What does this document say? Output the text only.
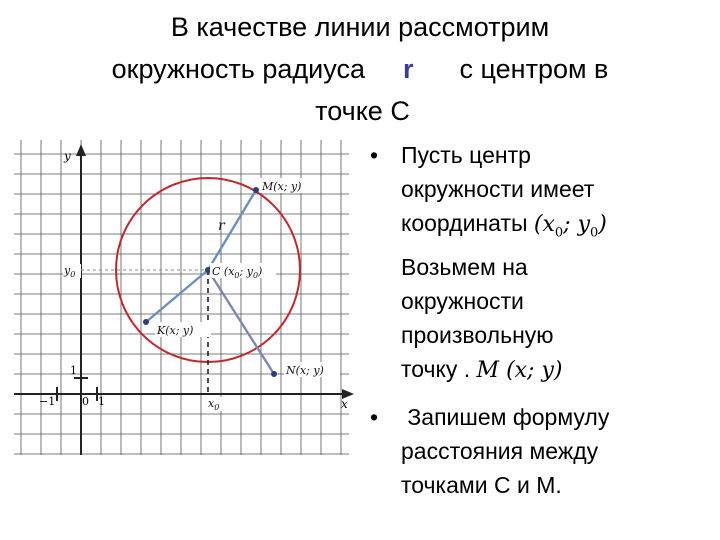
В качестве линии рассмотрим
окружность радиуса r с центром в
точке C
x
y
−1 0 1
1
M(x; y)
C ($x_0$; $y_0$)
K(x; y)
N(x; y)
r
$x_0$
$y_0$
• Пусть центр
окружности имеет
координаты ($x_0$; $y_0$)
Возьмем на
окружности
произвольную
точку . M (x; y)
• Запишем формулу
расстояния между
точками С и М.
